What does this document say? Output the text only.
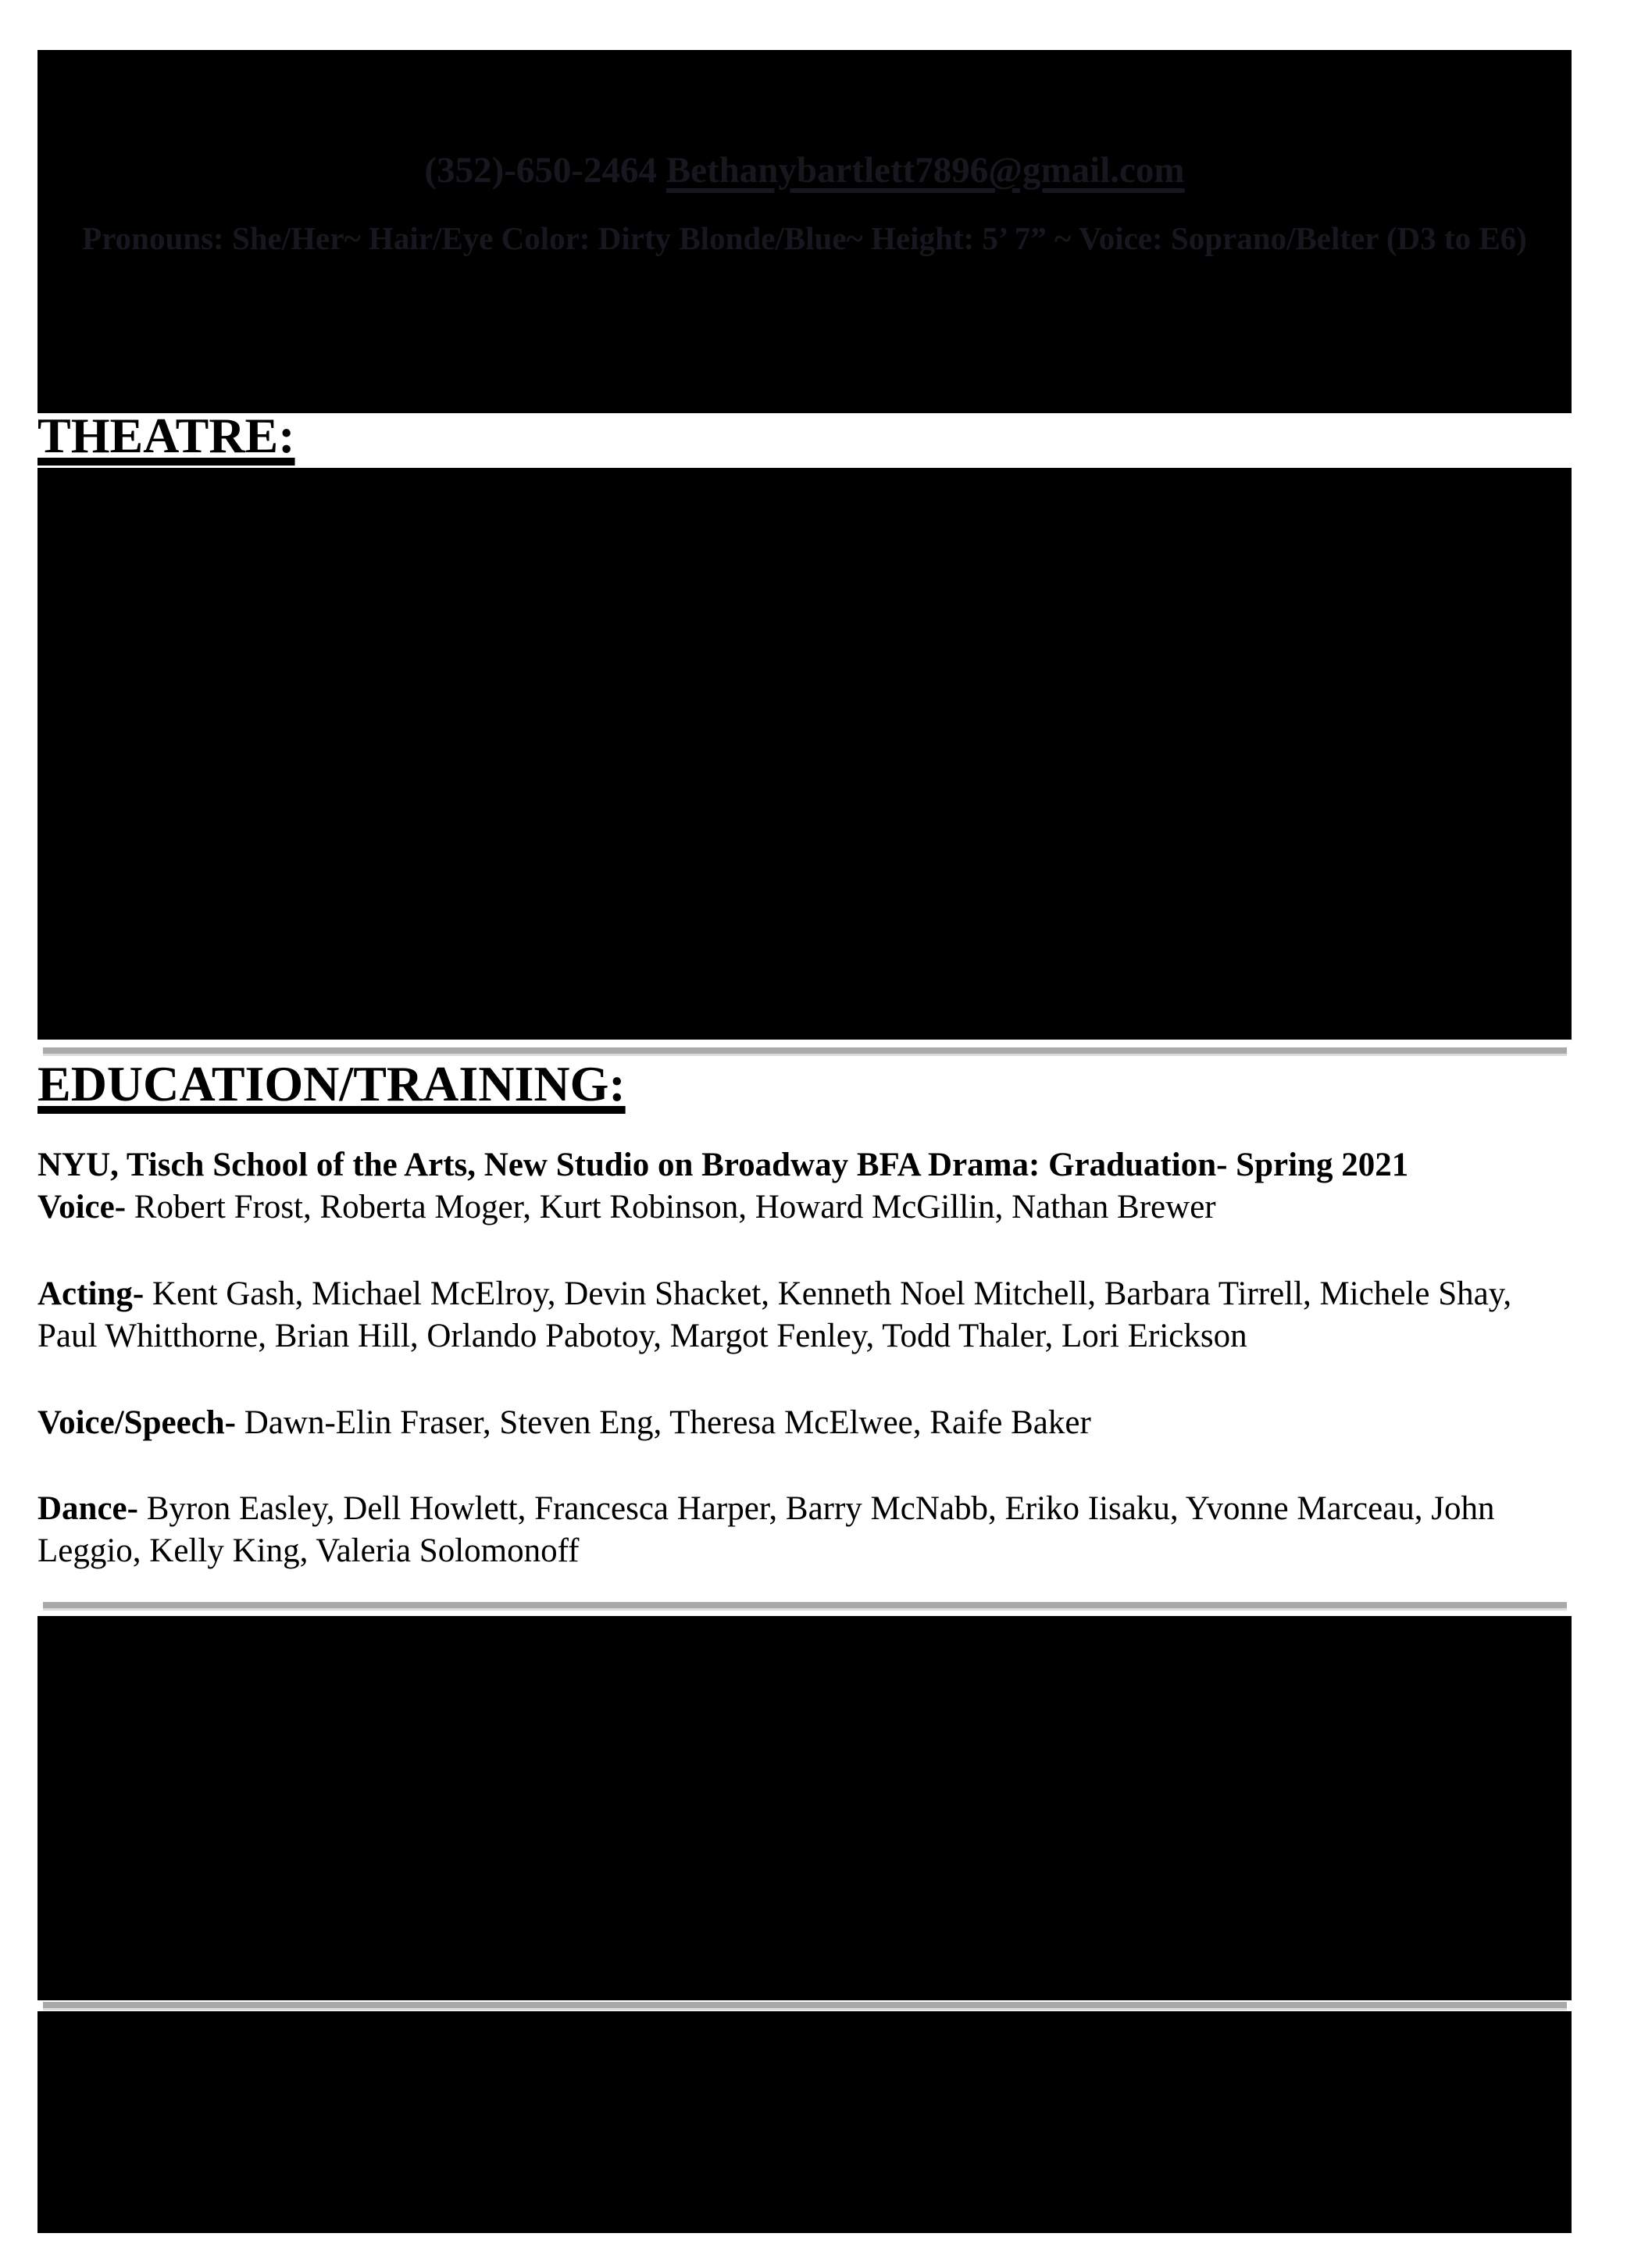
(352)-650-2464 Bethanybartlett7896@gmail.com
Pronouns: She/Her~ Hair/Eye Color: Dirty Blonde/Blue~ Height: 5’ 7” ~ Voice: Soprano/Belter (D3 to E6)
THEATRE:
EDUCATION/TRAINING:
NYU, Tisch School of the Arts, New Studio on Broadway BFA Drama: Graduation- Spring 2021
Voice- Robert Frost, Roberta Moger, Kurt Robinson, Howard McGillin, Nathan Brewer
Acting- Kent Gash, Michael McElroy, Devin Shacket, Kenneth Noel Mitchell, Barbara Tirrell, Michele Shay, Paul Whitthorne, Brian Hill, Orlando Pabotoy, Margot Fenley, Todd Thaler, Lori Erickson
Voice/Speech- Dawn-Elin Fraser, Steven Eng, Theresa McElwee, Raife Baker
Dance- Byron Easley, Dell Howlett, Francesca Harper, Barry McNabb, Eriko Iisaku, Yvonne Marceau, John Leggio, Kelly King, Valeria Solomonoff
